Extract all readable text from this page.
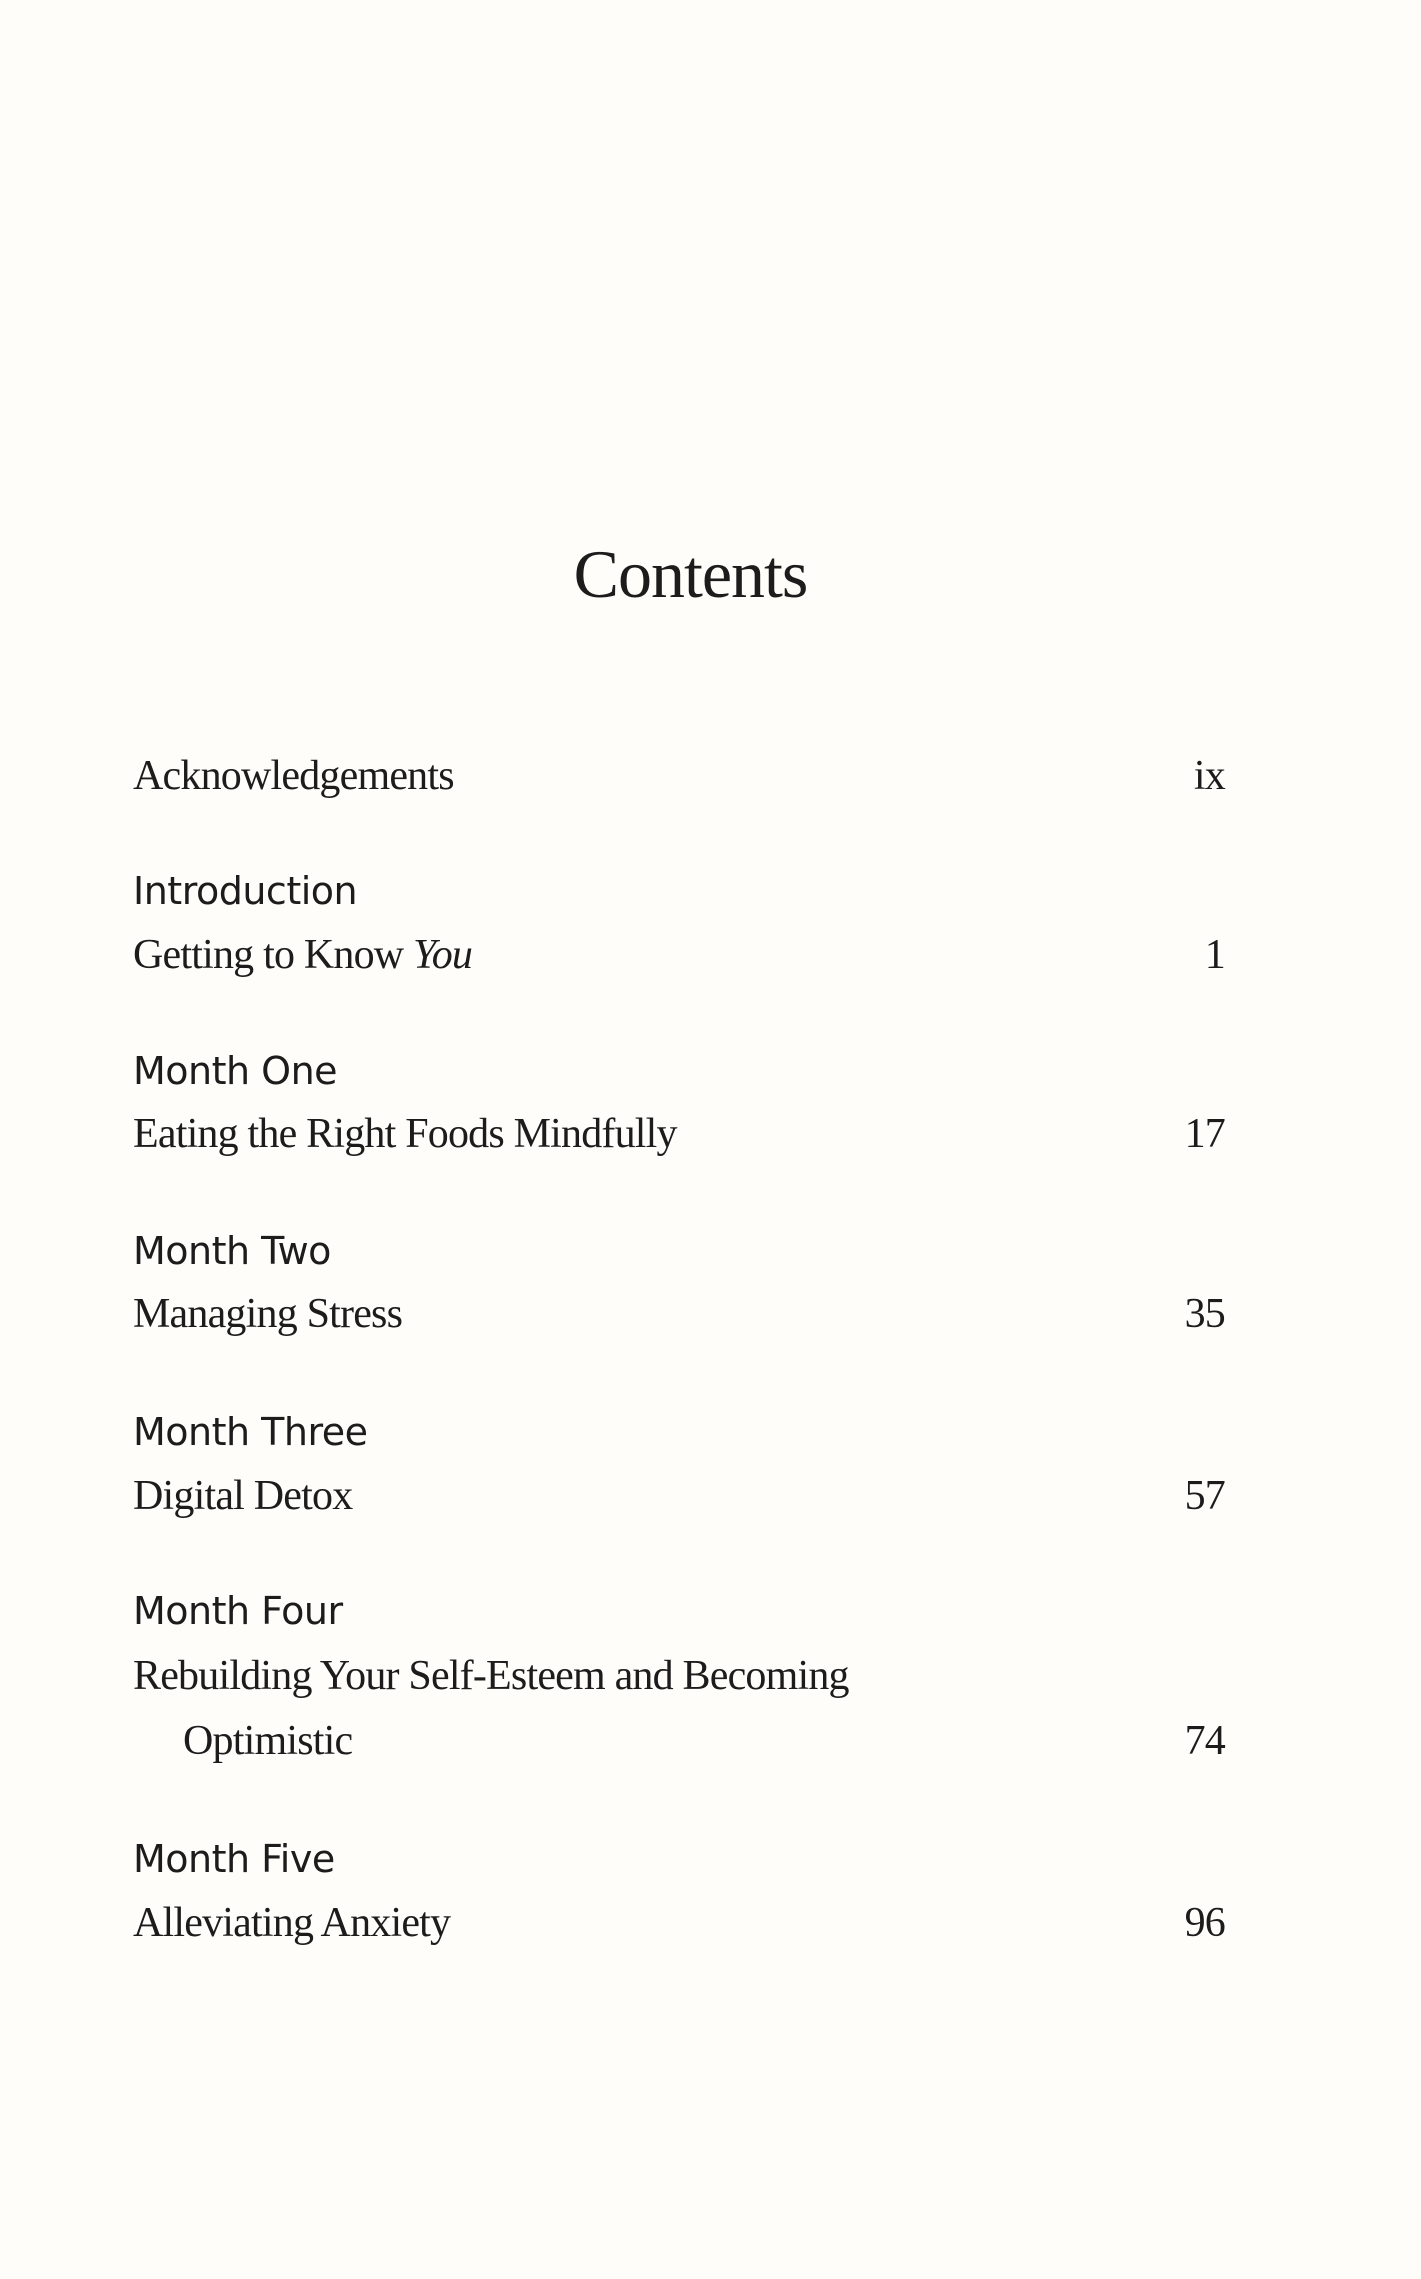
Contents
Acknowledgements	ix
Introduction
Getting to Know You	1
Month One
Eating the Right Foods Mindfully	17
Month Two
Managing Stress	35
Month Three
Digital Detox	57
Month Four
Rebuilding Your Self-Esteem and Becoming
Optimistic	74
Month Five
Alleviating Anxiety	96
